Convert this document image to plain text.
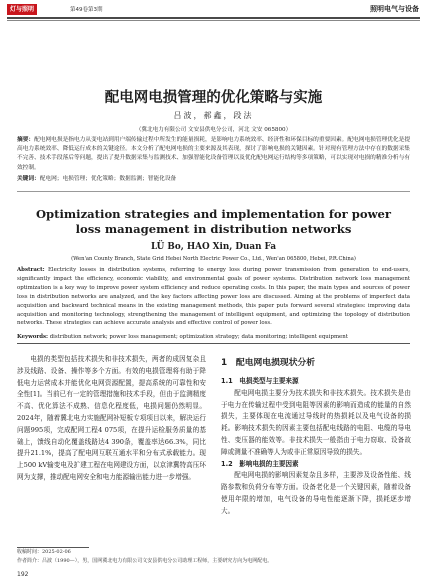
灯与照明	第49卷第3期	照明电气与设备
配电网电损管理的优化策略与实施
吕波，郝鑫，段法
（冀北电力有限公司 文安县供电分公司，河北 文安 065800）
摘要：配电网电损是指电力从变电站到用户端传输过程中所发生的能量损耗，是影响电力系统效率、经济性和环保目标的重要因素。配电网电损管理优化是提高电力系统效率、降低运行成本的关键途径。本文分析了配电网电损的主要来源及其表现，探讨了影响电损的关键因素。针对现有管理方法中存在的数据采集不完善、技术手段落后等问题，提出了提升数据采集与监测技术、加强智能化设备管理以及优化配电网运行结构等多项策略，可以实现对电损的精准分析与有效控制。
关键词：配电网；电损管理；优化策略；数据监测；智能化设备
Optimization strategies and implementation for power
loss management in distribution networks
LÜ Bo, HAO Xin, Duan Fa
(Wen'an County Branch, State Grid Hebei North Electric Power Co., Ltd., Wen'an 065800, Hebei, P.R.China)
Abstract: Electricity losses in distribution systems, referring to energy loss during power transmission from generation to end-users, significantly impact the efficiency, economic viability, and environmental goals of power systems. Distribution network loss management optimization is a key way to improve power system efficiency and reduce operating costs. In this paper, the main types and sources of power loss in distribution networks are analyzed, and the key factors affecting power loss are discussed. Aiming at the problems of imperfect data acquisition and backward technical means in the existing management methods, this paper puts forward several strategies: improving data acquisition and monitoring technology, strengthening the management of intelligent equipment, and optimizing the topology of distribution networks. These strategies can achieve accurate analysis and effective control of power loss.
Keywords: distribution network; power loss management; optimization strategy; data monitoring; intelligent equipment

电损的类型包括技术损失和非技术损失，两者的成因复杂且涉及线路、设备、操作等多个方面。有效的电损管理将有助于降低电力运营成本并能优化电网资源配置，提高系统的可靠性和安全性[1]。当前已有一定的管理措施和技术手段，但由于监测精度不高、优化算法不成熟、信息化程度低，电损问题仍然明显。2024年，随着冀北电力实施配网补短板专项项目以来，解决运行问题995项，完成配网工程4 075项，在提升运检服务质量的基础上，馈线自动化覆盖线路达4 390条，覆盖率达66.3%，同比提升21.1%，提高了配电网互联互通水平和分布式承载能力。现上500 kV输变电及扩建工程在电网建设方面，以京津冀特高压环网为支撑，推动配电网安全和电力能源输出能力进一步增强。

1　配电网电损现状分析
1.1　电损类型与主要来源

配电网电损主要分为技术损失和非技术损失。技术损失是由于电力在传输过程中受到电阻等因素的影响而造成的能量的自然损失，主要体现在电流通过导线时的热损耗以及电气设备的损耗。影响技术损失的因素主要包括配电线路的电阻、电缆的导电性、变压器的能效等。非技术损失一般指由于电力窃取、设备故障或测量不准确等人为或非正常原因导致的损失。

1.2　影响电损的主要因素

配电网电损的影响因素复杂且多样，主要涉及设备性能、线路参数和负荷分布等方面。设备老化是一个关键因素，随着设备使用年限的增加，电气设备的导电性能逐渐下降，损耗逐步增大。

收稿时间：2025-02-06
作者简介：吕波（1990—），男，国网冀北电力有限公司文安县供电分公司助理工程师，主要研究方向为电网配电。
192
